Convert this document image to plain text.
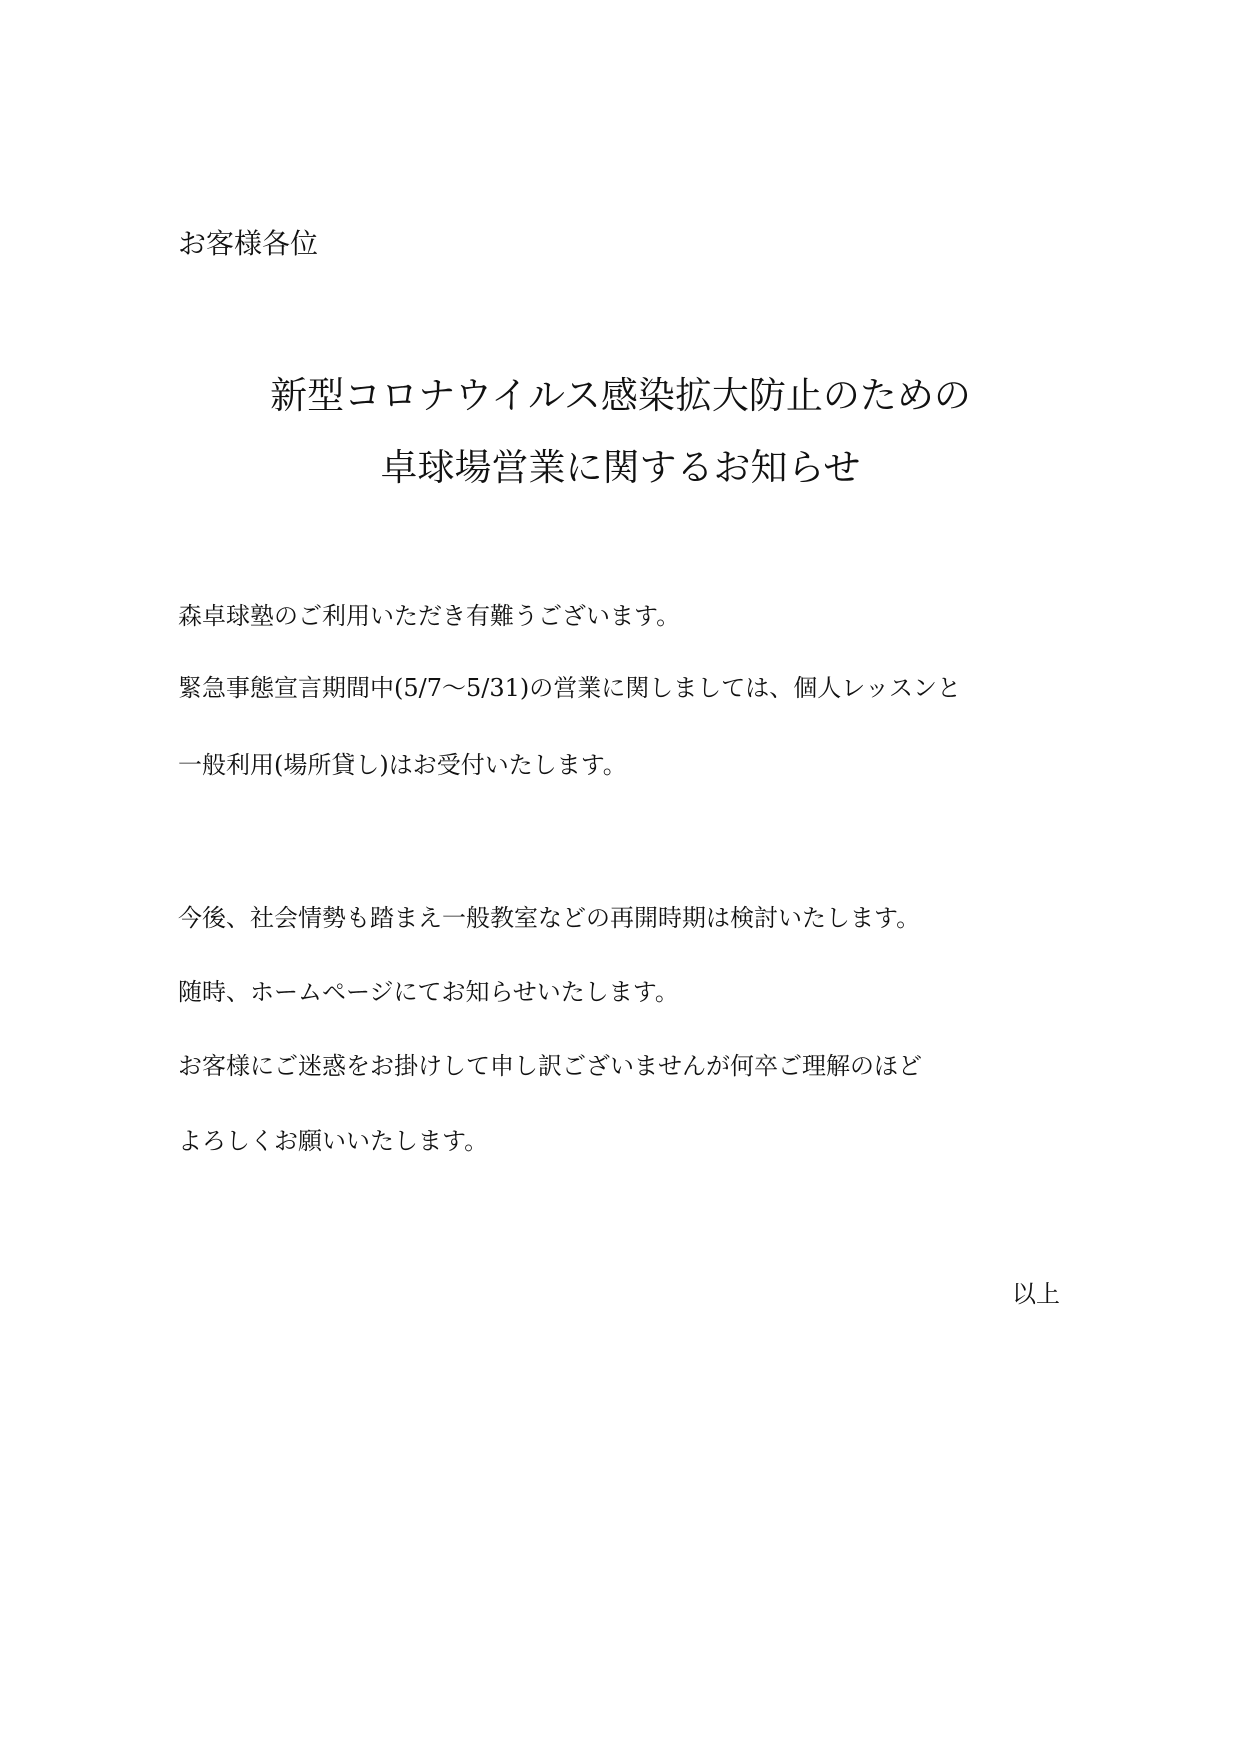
お客様各位
新型コロナウイルス感染拡大防止のための
卓球場営業に関するお知らせ
森卓球塾のご利用いただき有難うございます。
緊急事態宣言期間中(5/7〜5/31)の営業に関しましては、個人レッスンと
一般利用(場所貸し)はお受付いたします。
今後、社会情勢も踏まえ一般教室などの再開時期は検討いたします。
随時、ホームページにてお知らせいたします。
お客様にご迷惑をお掛けして申し訳ございませんが何卒ご理解のほど
よろしくお願いいたします。
以上
